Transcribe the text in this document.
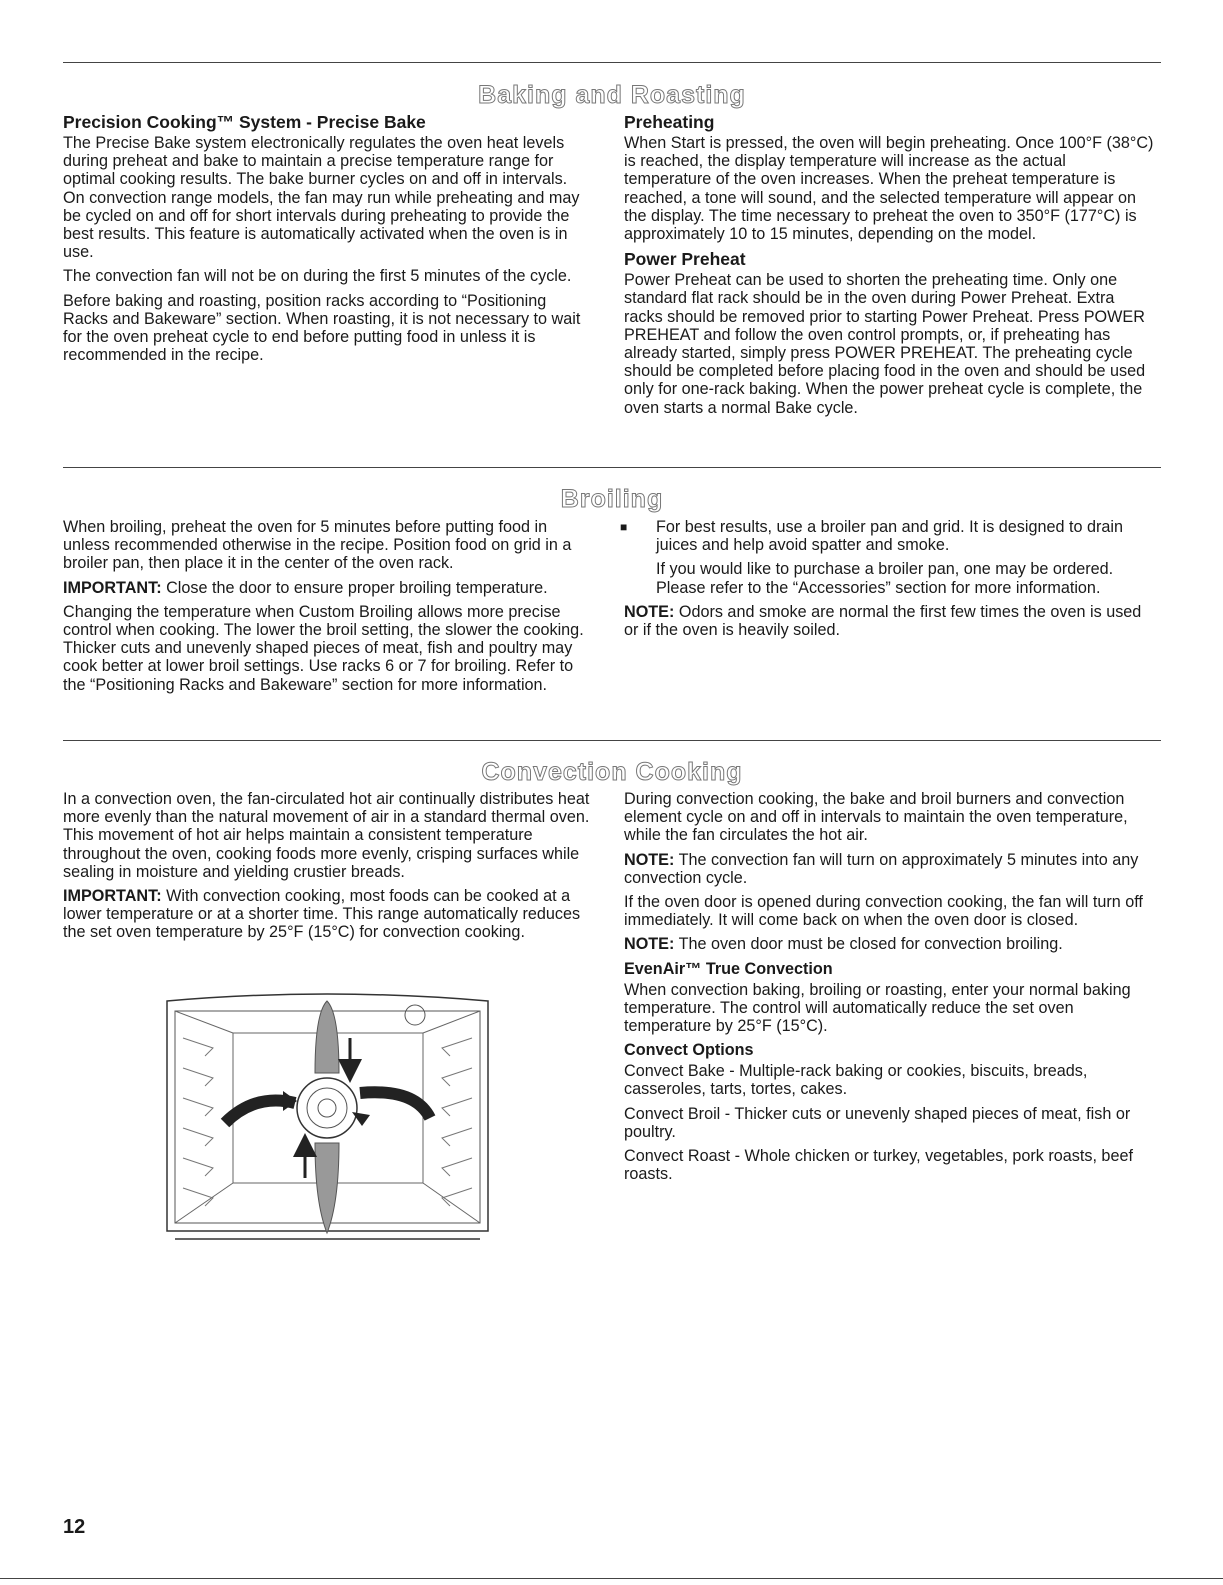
Baking and Roasting
Precision Cooking™ System - Precise Bake

The Precise Bake system electronically regulates the oven heat levels during preheat and bake to maintain a precise temperature range for optimal cooking results. The bake burner cycles on and off in intervals. On convection range models, the fan may run while preheating and may be cycled on and off for short intervals during preheating to provide the best results. This feature is automatically activated when the oven is in use.

The convection fan will not be on during the first 5 minutes of the cycle.

Before baking and roasting, position racks according to “Positioning Racks and Bakeware” section. When roasting, it is not necessary to wait for the oven preheat cycle to end before putting food in unless it is recommended in the recipe.

Preheating

When Start is pressed, the oven will begin preheating. Once 100°F (38°C) is reached, the display temperature will increase as the actual temperature of the oven increases. When the preheat temperature is reached, a tone will sound, and the selected temperature will appear on the display. The time necessary to preheat the oven to 350°F (177°C) is approximately 10 to 15 minutes, depending on the model.

Power Preheat

Power Preheat can be used to shorten the preheating time. Only one standard flat rack should be in the oven during Power Preheat. Extra racks should be removed prior to starting Power Preheat. Press POWER PREHEAT and follow the oven control prompts, or, if preheating has already started, simply press POWER PREHEAT. The preheating cycle should be completed before placing food in the oven and should be used only for one-rack baking. When the power preheat cycle is complete, the oven starts a normal Bake cycle.

Broiling

When broiling, preheat the oven for 5 minutes before putting food in unless recommended otherwise in the recipe. Position food on grid in a broiler pan, then place it in the center of the oven rack.

IMPORTANT: Close the door to ensure proper broiling temperature.

Changing the temperature when Custom Broiling allows more precise control when cooking. The lower the broil setting, the slower the cooking. Thicker cuts and unevenly shaped pieces of meat, fish and poultry may cook better at lower broil settings. Use racks 6 or 7 for broiling. Refer to the “Positioning Racks and Bakeware” section for more information.

■	For best results, use a broiler pan and grid. It is designed to drain juices and help avoid spatter and smoke.

If you would like to purchase a broiler pan, one may be ordered. Please refer to the “Accessories” section for more information.

NOTE: Odors and smoke are normal the first few times the oven is used or if the oven is heavily soiled.

Convection Cooking

In a convection oven, the fan-circulated hot air continually distributes heat more evenly than the natural movement of air in a standard thermal oven. This movement of hot air helps maintain a consistent temperature throughout the oven, cooking foods more evenly, crisping surfaces while sealing in moisture and yielding crustier breads.

IMPORTANT: With convection cooking, most foods can be cooked at a lower temperature or at a shorter time. This range automatically reduces the set oven temperature by 25°F (15°C) for convection cooking.

During convection cooking, the bake and broil burners and convection element cycle on and off in intervals to maintain the oven temperature, while the fan circulates the hot air.

NOTE: The convection fan will turn on approximately 5 minutes into any convection cycle.

If the oven door is opened during convection cooking, the fan will turn off immediately. It will come back on when the oven door is closed.

NOTE: The oven door must be closed for convection broiling.

EvenAir™ True Convection

When convection baking, broiling or roasting, enter your normal baking temperature. The control will automatically reduce the set oven temperature by 25°F (15°C).

Convect Options

Convect Bake - Multiple-rack baking or cookies, biscuits, breads, casseroles, tarts, tortes, cakes.

Convect Broil - Thicker cuts or unevenly shaped pieces of meat, fish or poultry.

Convect Roast - Whole chicken or turkey, vegetables, pork roasts, beef roasts.

12
